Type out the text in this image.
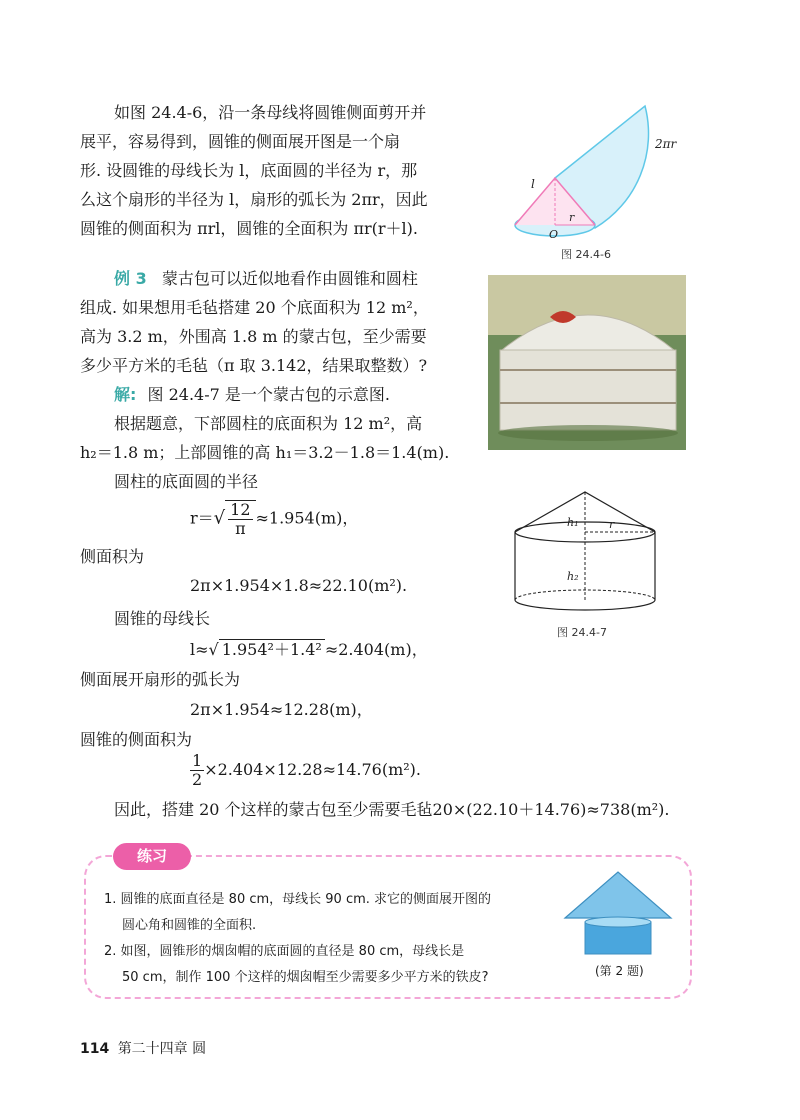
如图 24.4-6，沿一条母线将圆锥侧面剪开并
展平，容易得到，圆锥的侧面展开图是一个扇
形. 设圆锥的母线长为 l，底面圆的半径为 r，那
么这个扇形的半径为 l，扇形的弧长为 2πr，因此
圆锥的侧面积为 πrl，圆锥的全面积为 πr(r＋l).
l
2πr
r
O
图 24.4-6
例 3 蒙古包可以近似地看作由圆锥和圆柱
组成. 如果想用毛毡搭建 20 个底面积为 12 m²，
高为 3.2 m，外围高 1.8 m 的蒙古包，至少需要
多少平方米的毛毡（π 取 3.142，结果取整数）?
解: 图 24.4-7 是一个蒙古包的示意图.
根据题意，下部圆柱的底面积为 12 m²，高
h₂＝1.8 m；上部圆锥的高 h₁＝3.2－1.8＝1.4(m).
圆柱的底面圆的半径
$r=√ \frac{12}{\pi} \approx 1.954(m)$，
侧面积为
2π×1.954×1.8≈22.10(m²).
圆锥的母线长
l≈√ 1.954²＋1.4² ≈2.404(m)，
侧面展开扇形的弧长为
2π×1.954≈12.28(m)，
圆锥的侧面积为
$\frac{1}{2} \times 2.404\times 12.28\approx 14.76(m^2)$.
因此，搭建 20 个这样的蒙古包至少需要毛毡20×(22.10＋14.76)≈738(m²).
h₁	r
h₂
图 24.4-7
练习
1. 圆锥的底面直径是 80 cm，母线长 90 cm. 求它的侧面展开图的
圆心角和圆锥的全面积.
2. 如图，圆锥形的烟囱帽的底面圆的直径是 80 cm，母线长是
50 cm，制作 100 个这样的烟囱帽至少需要多少平方米的铁皮?	(第 2 题)
114 第二十四章 圆
